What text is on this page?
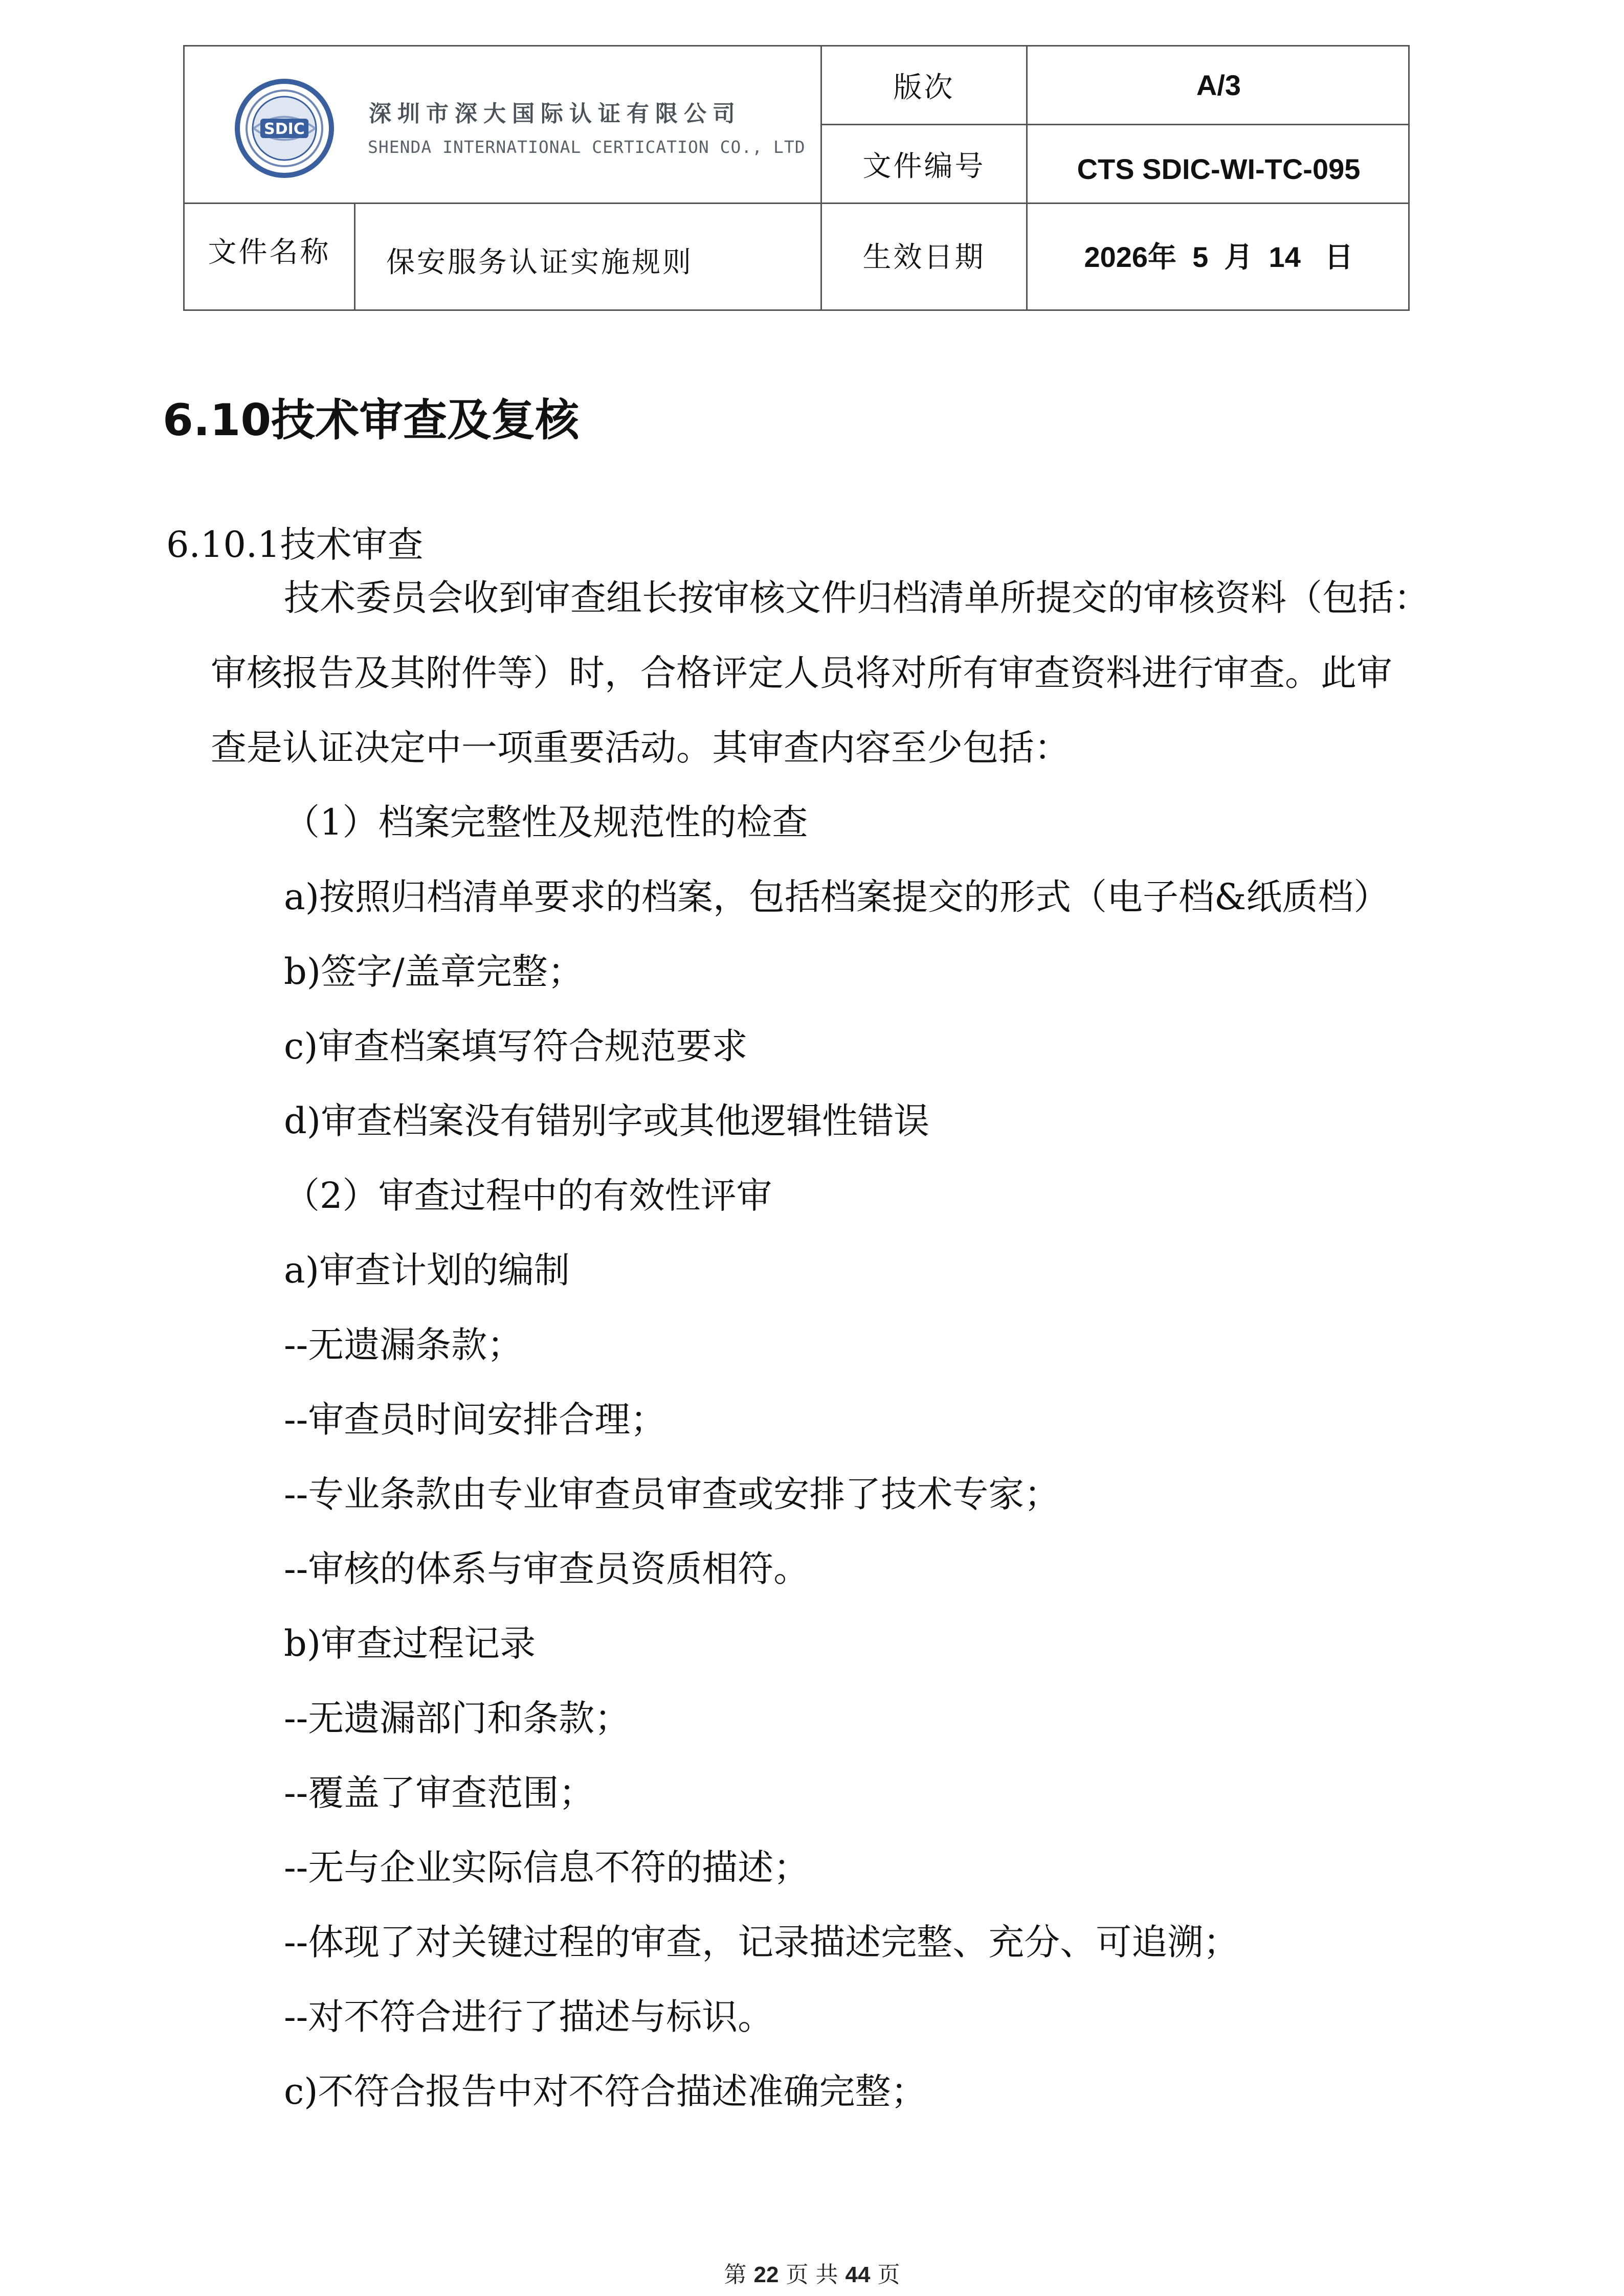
SDIC
深圳市深大国际认证有限公司
SHENDA INTERNATIONAL CERTICATION CO., LTD
版次	A/3
文件编号	CTS SDIC-WI-TC-095
文件名称 保安服务认证实施规则	生效日期	2026年  5  月  14   日
6.10技术审查及复核
6.10.1技术审查
技术委员会收到审查组长按审核文件归档清单所提交的审核资料（包括：
审核报告及其附件等）时，合格评定人员将对所有审查资料进行审查。此审
查是认证决定中一项重要活动。其审查内容至少包括：
（1）档案完整性及规范性的检查
a)按照归档清单要求的档案，包括档案提交的形式（电子档&纸质档）
b)签字/盖章完整；
c)审查档案填写符合规范要求
d)审查档案没有错别字或其他逻辑性错误
（2）审查过程中的有效性评审
a)审查计划的编制
--无遗漏条款；
--审查员时间安排合理；
--专业条款由专业审查员审查或安排了技术专家；
--审核的体系与审查员资质相符。
b)审查过程记录
--无遗漏部门和条款；
--覆盖了审查范围；
--无与企业实际信息不符的描述；
--体现了对关键过程的审查，记录描述完整、充分、可追溯；
--对不符合进行了描述与标识。
c)不符合报告中对不符合描述准确完整；
第 22 页 共 44 页
